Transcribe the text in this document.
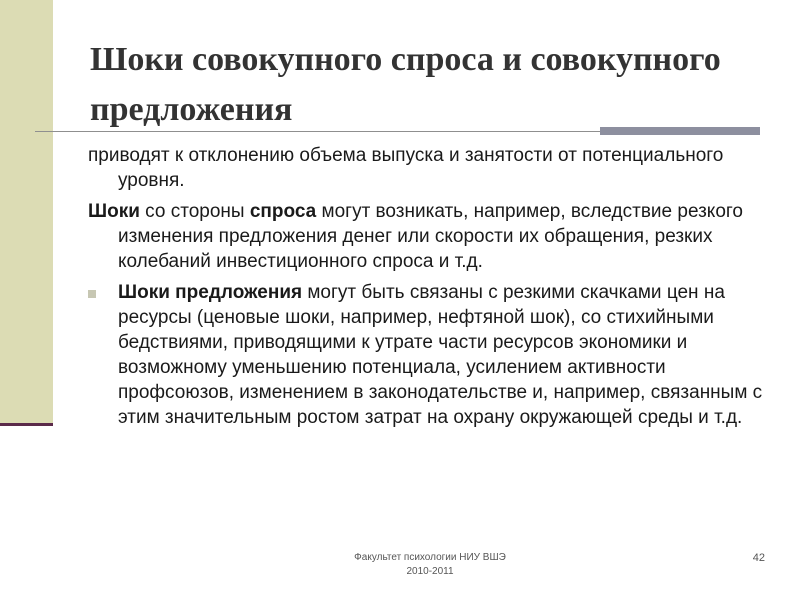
Шоки совокупного спроса и совокупного предложения

приводят к отклонению объема выпуска и занятости от потенциального уровня.

Шоки со стороны спроса могут возникать, например, вследствие резкого изменения предложения денег или скорости их обращения, резких колебаний инвестиционного спроса и т.д.

Шоки предложения могут быть связаны с резкими скачками цен на ресурсы (ценовые шоки, например, нефтяной шок), со стихийными бедствиями, приводящими к утрате части ресурсов экономики и возможному уменьшению потенциала, усилением активности профсоюзов, изменением в законодательстве и, например, связанным с этим значительным ростом затрат на охрану окружающей среды и т.д.
Факультет психологии НИУ ВШЭ
2010-2011
42
